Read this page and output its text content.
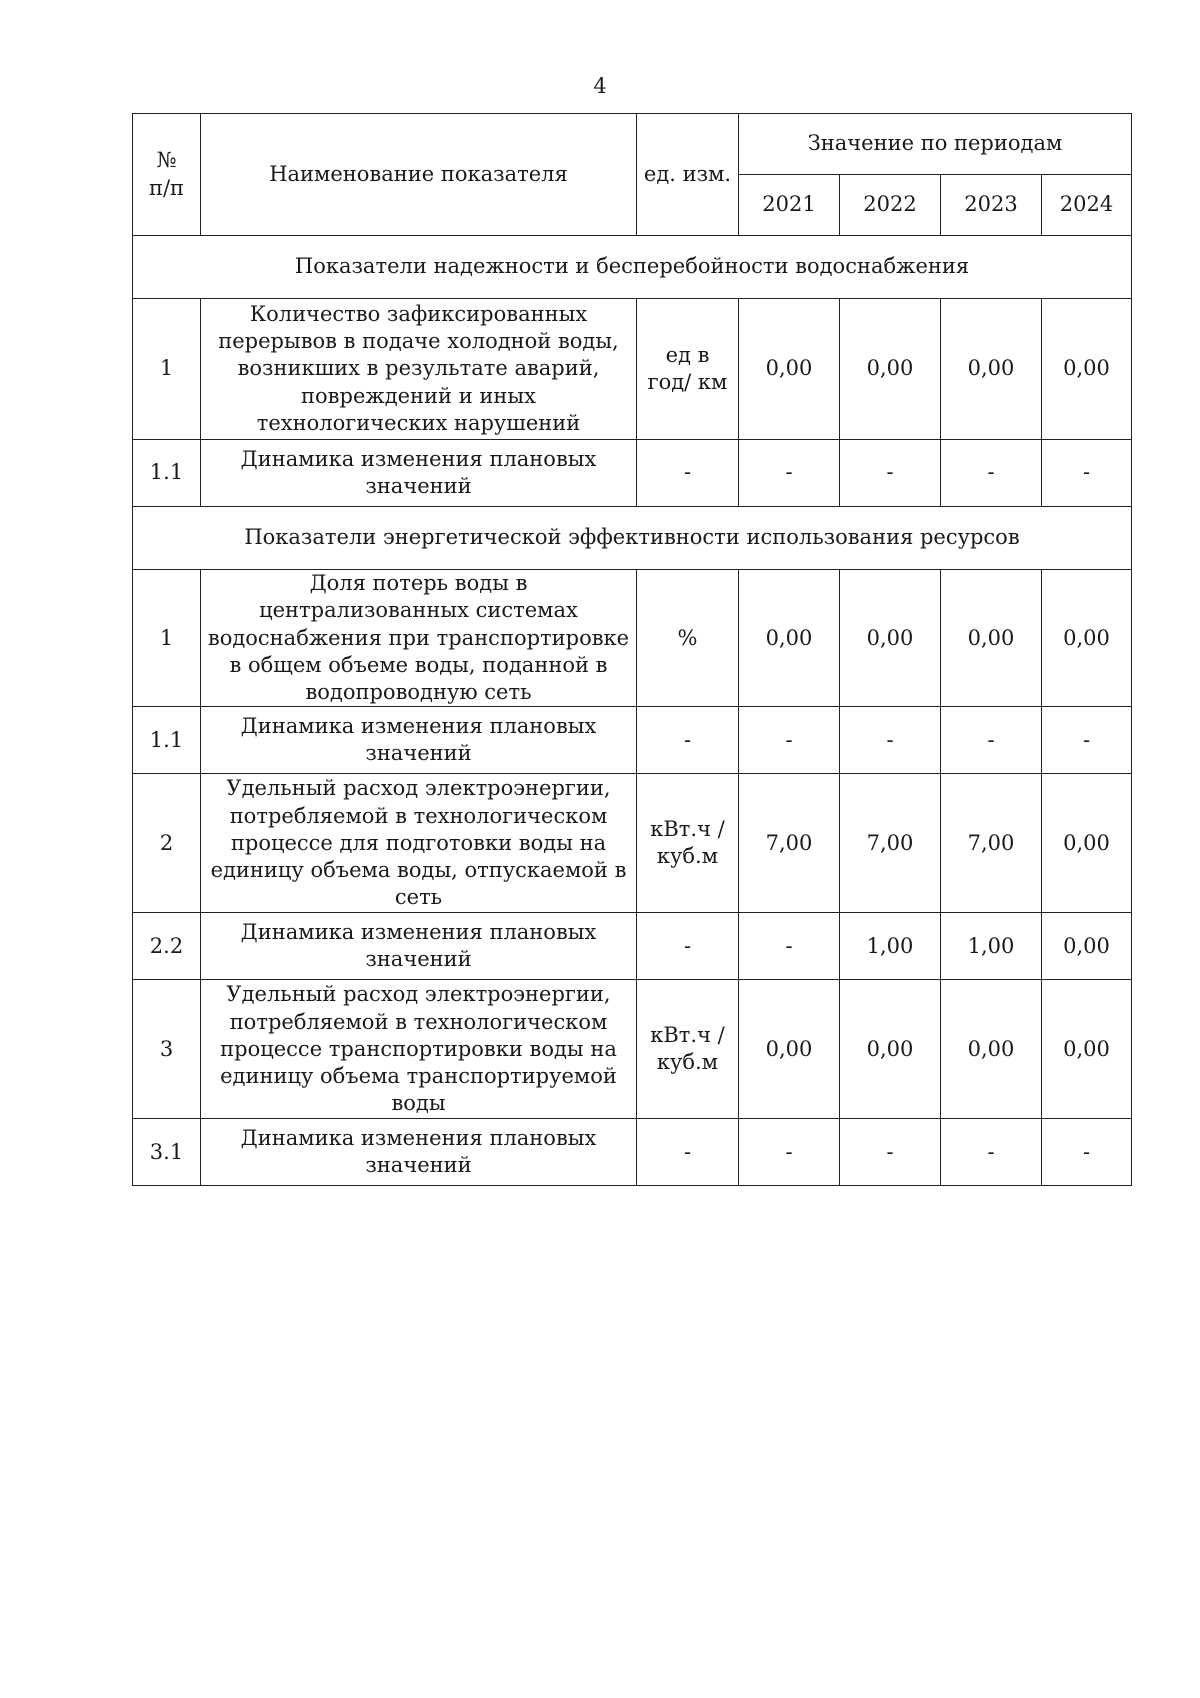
4
№
п/п	Наименование показателя	ед. изм.	Значение по периодам			
			2021	2022	2023	2024
Показатели надежности и бесперебойности водоснабжения						
1	Количество зафиксированных перерывов в подаче холодной воды, возникших в результате аварий, повреждений и иных технологических нарушений	ед в год/ км	0,00	0,00	0,00	0,00
1.1	Динамика изменения плановых значений	-	-	-	-	-
Показатели энергетической эффективности использования ресурсов						
1	Доля потерь воды в централизованных системах водоснабжения при транспортировке в общем объеме воды, поданной в водопроводную сеть	%	0,00	0,00	0,00	0,00
1.1	Динамика изменения плановых значений	-	-	-	-	-
2	Удельный расход электроэнергии, потребляемой в технологическом процессе для подготовки воды на единицу объема воды, отпускаемой в сеть	кВт.ч / куб.м	7,00	7,00	7,00	0,00
2.2	Динамика изменения плановых значений	-	-	1,00	1,00	0,00
3	Удельный расход электроэнергии, потребляемой в технологическом процессе транспортировки воды на единицу объема транспортируемой воды	кВт.ч / куб.м	0,00	0,00	0,00	0,00
3.1	Динамика изменения плановых значений	-	-	-	-	-
